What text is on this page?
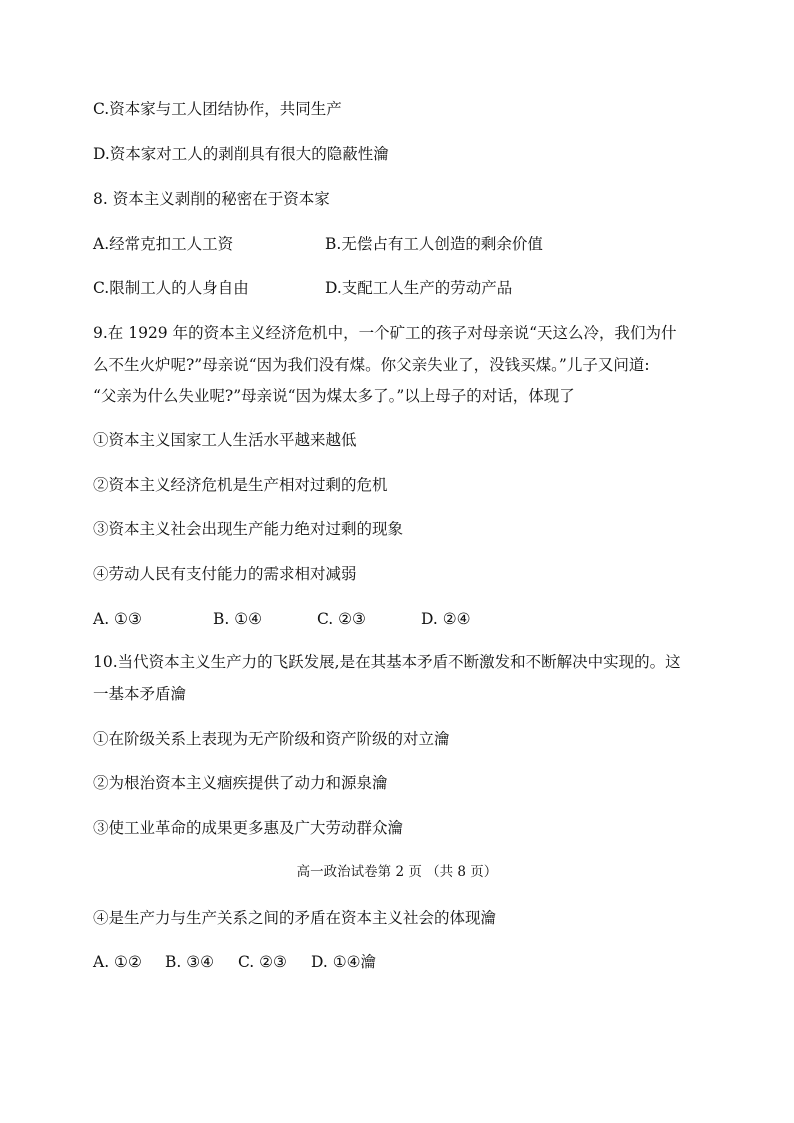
C.资本家与工人团结协作，共同生产
D.资本家对工人的剥削具有很大的隐蔽性瀹
8. 资本主义剥削的秘密在于资本家
A.经常克扣工人工资	B.无偿占有工人创造的剩余价值
C.限制工人的人身自由	D.支配工人生产的劳动产品
9.在 1929 年的资本主义经济危机中，一个矿工的孩子对母亲说“天这么冷，我们为什
么不生火炉呢?”母亲说“因为我们没有煤。你父亲失业了，没钱买煤。”儿子又问道:
“父亲为什么失业呢?”母亲说“因为煤太多了。”以上母子的对话，体现了
①资本主义国家工人生活水平越来越低
②资本主义经济危机是生产相对过剩的危机
③资本主义社会出现生产能力绝对过剩的现象
④劳动人民有支付能力的需求相对减弱
A. ①③	B. ①④	C. ②③	D. ②④
10.当代资本主义生产力的飞跃发展,是在其基本矛盾不断激发和不断解决中实现的。这
一基本矛盾瀹
①在阶级关系上表现为无产阶级和资产阶级的对立瀹
②为根治资本主义痼疾提供了动力和源泉瀹
③使工业革命的成果更多惠及广大劳动群众瀹
高一政治试卷第 2 页 （共 8 页）
④是生产力与生产关系之间的矛盾在资本主义社会的体现瀹
A. ①② B. ③④ C. ②③ D. ①④瀹
